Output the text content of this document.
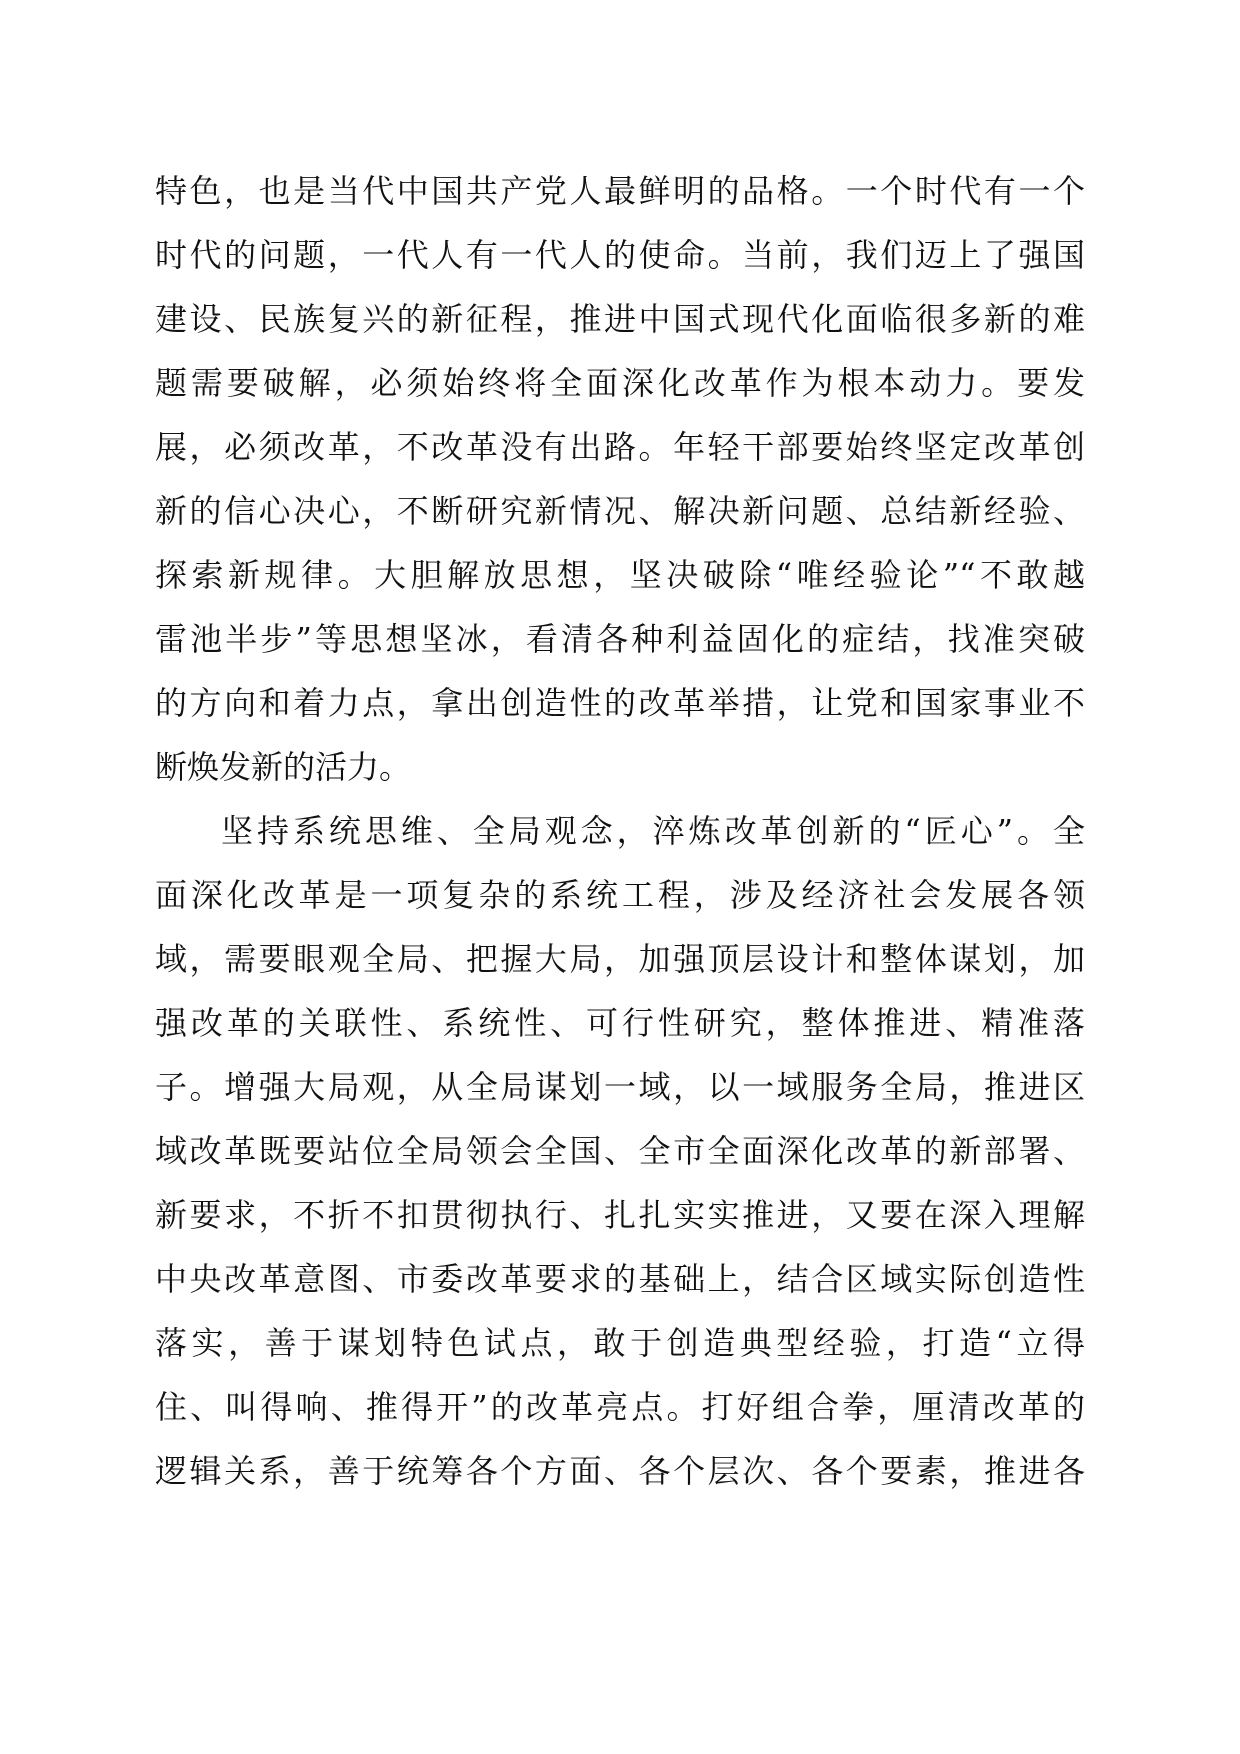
特色，也是当代中国共产党人最鲜明的品格。一个时代有一个
时代的问题，一代人有一代人的使命。当前，我们迈上了强国
建设、民族复兴的新征程，推进中国式现代化面临很多新的难
题需要破解，必须始终将全面深化改革作为根本动力。要发
展，必须改革，不改革没有出路。年轻干部要始终坚定改革创
新的信心决心，不断研究新情况、解决新问题、总结新经验、
探索新规律。大胆解放思想，坚决破除“唯经验论”“不敢越
雷池半步”等思想坚冰，看清各种利益固化的症结，找准突破
的方向和着力点，拿出创造性的改革举措，让党和国家事业不
断焕发新的活力。
坚持系统思维、全局观念，淬炼改革创新的“匠心”。全
面深化改革是一项复杂的系统工程，涉及经济社会发展各领
域，需要眼观全局、把握大局，加强顶层设计和整体谋划，加
强改革的关联性、系统性、可行性研究，整体推进、精准落
子。增强大局观，从全局谋划一域，以一域服务全局，推进区
域改革既要站位全局领会全国、全市全面深化改革的新部署、
新要求，不折不扣贯彻执行、扎扎实实推进，又要在深入理解
中央改革意图、市委改革要求的基础上，结合区域实际创造性
落实，善于谋划特色试点，敢于创造典型经验，打造“立得
住、叫得响、推得开”的改革亮点。打好组合拳，厘清改革的
逻辑关系，善于统筹各个方面、各个层次、各个要素，推进各
